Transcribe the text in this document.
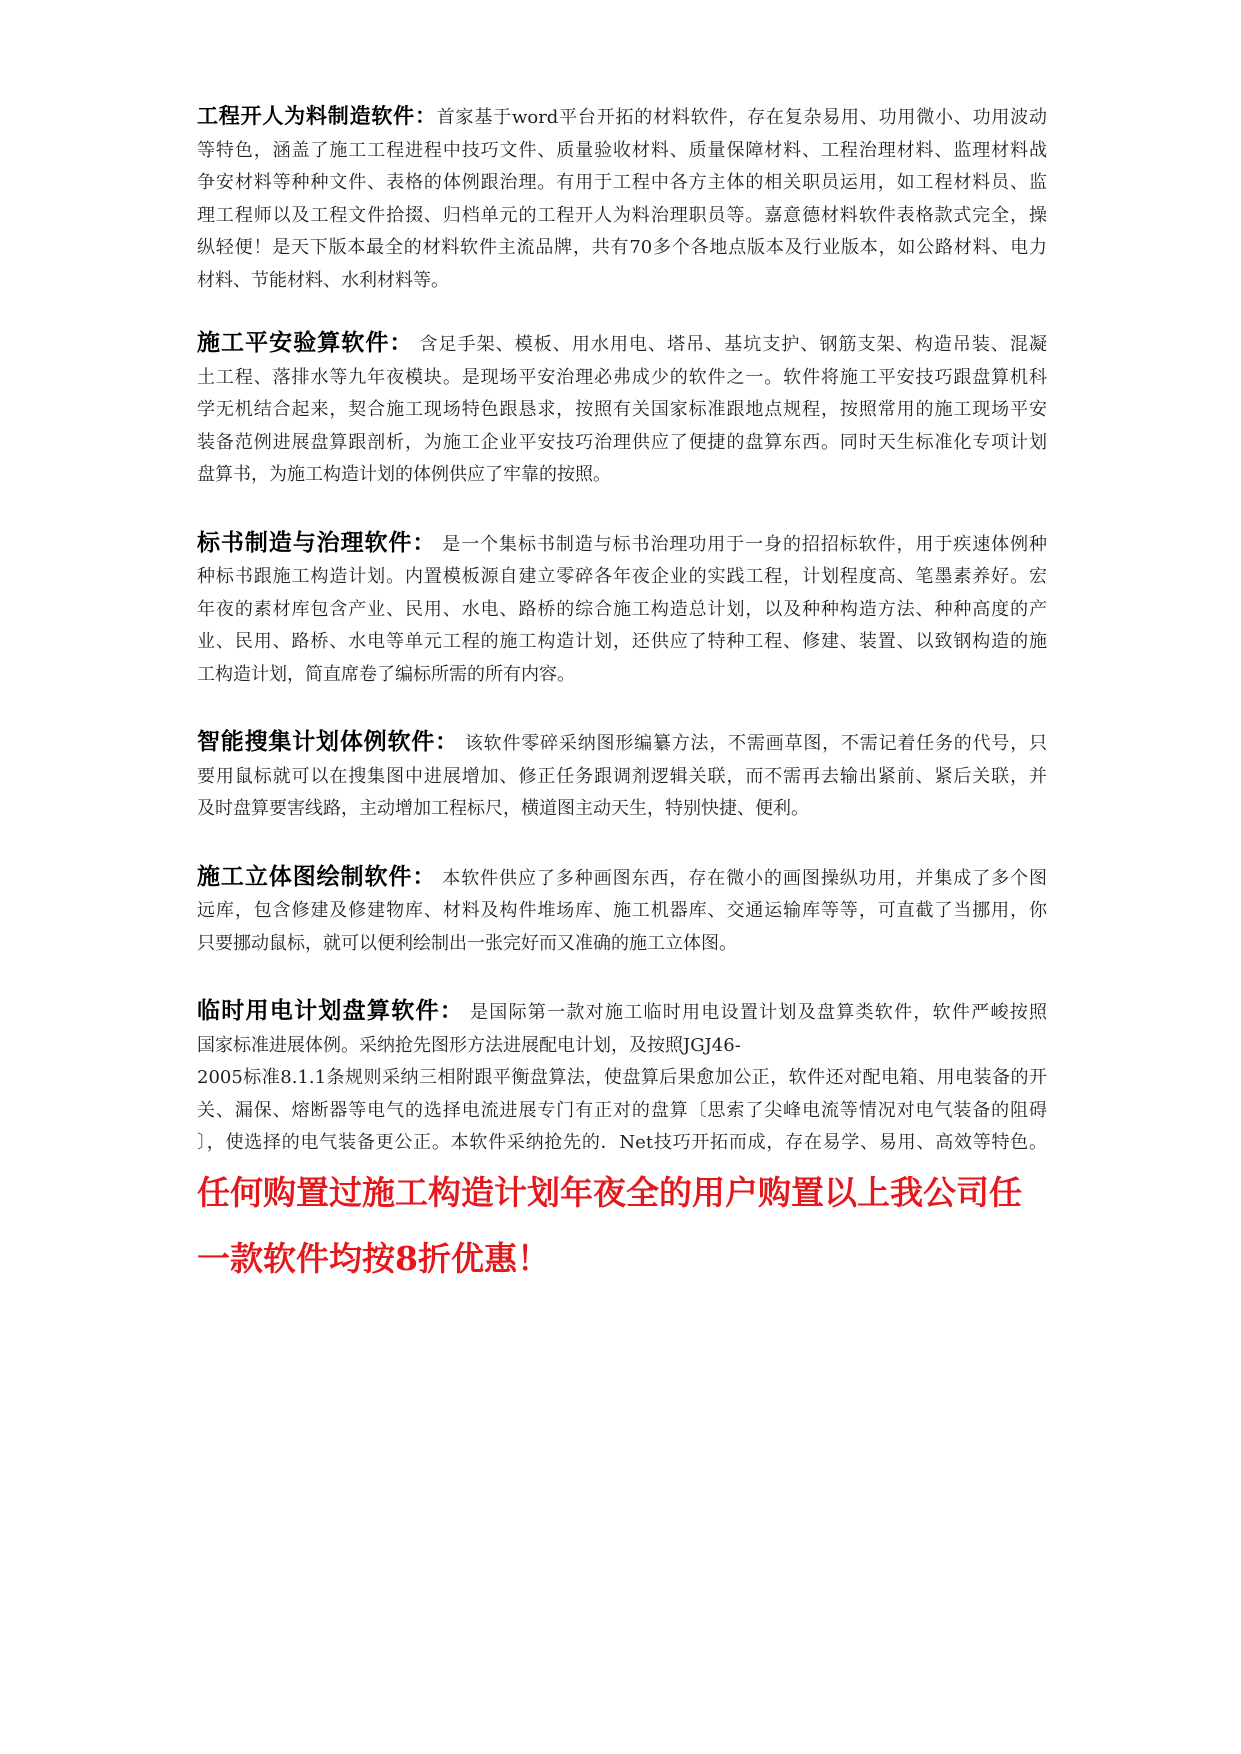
工程开人为料制造软件：首家基于word平台开拓的材料软件，存在复杂易用、功用微小、功用波动
等特色，涵盖了施工工程进程中技巧文件、质量验收材料、质量保障材料、工程治理材料、监理材料战
争安材料等种种文件、表格的体例跟治理。有用于工程中各方主体的相关职员运用，如工程材料员、监
理工程师以及工程文件拾掇、归档单元的工程开人为料治理职员等。嘉意德材料软件表格款式完全，操
纵轻便！是天下版本最全的材料软件主流品牌，共有70多个各地点版本及行业版本，如公路材料、电力
材料、节能材料、水利材料等。
施工平安验算软件： 含足手架、模板、用水用电、塔吊、基坑支护、钢筋支架、构造吊装、混凝
土工程、落排水等九年夜模块。是现场平安治理必弗成少的软件之一。软件将施工平安技巧跟盘算机科
学无机结合起来，契合施工现场特色跟恳求，按照有关国家标准跟地点规程，按照常用的施工现场平安
装备范例进展盘算跟剖析，为施工企业平安技巧治理供应了便捷的盘算东西。同时天生标准化专项计划
盘算书，为施工构造计划的体例供应了牢靠的按照。
标书制造与治理软件： 是一个集标书制造与标书治理功用于一身的招招标软件，用于疾速体例种
种标书跟施工构造计划。内置模板源自建立零碎各年夜企业的实践工程，计划程度高、笔墨素养好。宏
年夜的素材库包含产业、民用、水电、路桥的综合施工构造总计划，以及种种构造方法、种种高度的产
业、民用、路桥、水电等单元工程的施工构造计划，还供应了特种工程、修建、装置、以致钢构造的施
工构造计划，简直席卷了编标所需的所有内容。
智能搜集计划体例软件： 该软件零碎采纳图形编纂方法，不需画草图，不需记着任务的代号，只
要用鼠标就可以在搜集图中进展增加、修正任务跟调剂逻辑关联，而不需再去输出紧前、紧后关联，并
及时盘算要害线路，主动增加工程标尺，横道图主动天生，特别快捷、便利。
施工立体图绘制软件： 本软件供应了多种画图东西，存在微小的画图操纵功用，并集成了多个图
远库，包含修建及修建物库、材料及构件堆场库、施工机器库、交通运输库等等，可直截了当挪用，你
只要挪动鼠标，就可以便利绘制出一张完好而又准确的施工立体图。
临时用电计划盘算软件： 是国际第一款对施工临时用电设置计划及盘算类软件，软件严峻按照
国家标准进展体例。采纳抢先图形方法进展配电计划，及按照JGJ46-
2005标准8.1.1条规则采纳三相附跟平衡盘算法，使盘算后果愈加公正，软件还对配电箱、用电装备的开
关、漏保、熔断器等电气的选择电流进展专门有正对的盘算〔思索了尖峰电流等情况对电气装备的阻碍
〕，使选择的电气装备更公正。本软件采纳抢先的．Net技巧开拓而成，存在易学、易用、高效等特色。
任何购置过施工构造计划年夜全的用户购置以上我公司任
一款软件均按8折优惠！
